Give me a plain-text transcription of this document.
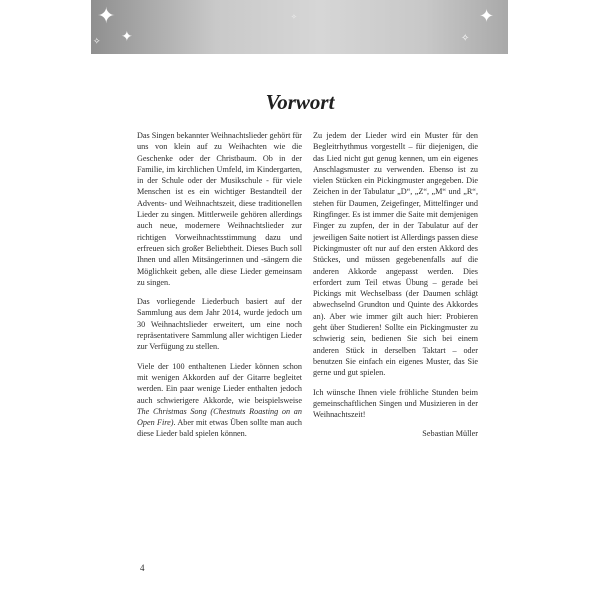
✦
✦
✧
✦
✧
✧
Vorwort

Das Singen bekannter Weihnachtslieder gehört für uns von klein auf zu Weihachten wie die Geschenke oder der Christbaum. Ob in der Familie, im kirchlichen Umfeld, im Kindergarten, in der Schule oder der Musikschule - für viele Menschen ist es ein wichtiger Bestandteil der Advents- und Weihnachtszeit, diese traditionellen Lieder zu singen. Mittlerweile gehören allerdings auch neue, modernere Weihnachtslieder zur richtigen Vorweihnachtsstimmung dazu und erfreuen sich großer Beliebtheit. Dieses Buch soll Ihnen und allen Mitsängerinnen und -sängern die Möglichkeit geben, alle diese Lieder gemeinsam zu singen.

Das vorliegende Liederbuch basiert auf der Sammlung aus dem Jahr 2014, wurde jedoch um 30 Weihnachtslieder erweitert, um eine noch repräsentativere Sammlung aller wichtigen Lieder zur Verfügung zu stellen.

Viele der 100 enthaltenen Lieder können schon mit wenigen Akkorden auf der Gitarre begleitet werden. Ein paar wenige Lieder enthalten jedoch auch schwierigere Akkorde, wie beispielsweise The Christmas Song (Chestnuts Roasting on an Open Fire). Aber mit etwas Üben sollte man auch diese Lieder bald spielen können.

Zu jedem der Lieder wird ein Muster für den Begleitrhythmus vorgestellt – für diejenigen, die das Lied nicht gut genug kennen, um ein eigenes Anschlagsmuster zu verwenden. Ebenso ist zu vielen Stücken ein Pickingmuster angegeben. Die Zeichen in der Tabulatur „D“, „Z“, „M“ und „R“, stehen für Daumen, Zeigefinger, Mittelfinger und Ringfinger. Es ist immer die Saite mit demjenigen Finger zu zupfen, der in der Tabulatur auf der jeweiligen Saite notiert ist Allerdings passen diese Pickingmuster oft nur auf den ersten Akkord des Stückes, und müssen gegebenenfalls auf die anderen Akkorde angepasst werden. Dies erfordert zum Teil etwas Übung – gerade bei Pickings mit Wechselbass (der Daumen schlägt abwechselnd Grundton und Quinte des Akkordes an). Aber wie immer gilt auch hier: Probieren geht über Studieren! Sollte ein Pickingmuster zu schwierig sein, bedienen Sie sich bei einem anderen Stück in derselben Taktart – oder benutzen Sie einfach ein eigenes Muster, das Sie gerne und gut spielen.

Ich wünsche Ihnen viele fröhliche Stunden beim gemeinschaftlichen Singen und Musizieren in der Weihnachtszeit!

Sebastian Müller

4
